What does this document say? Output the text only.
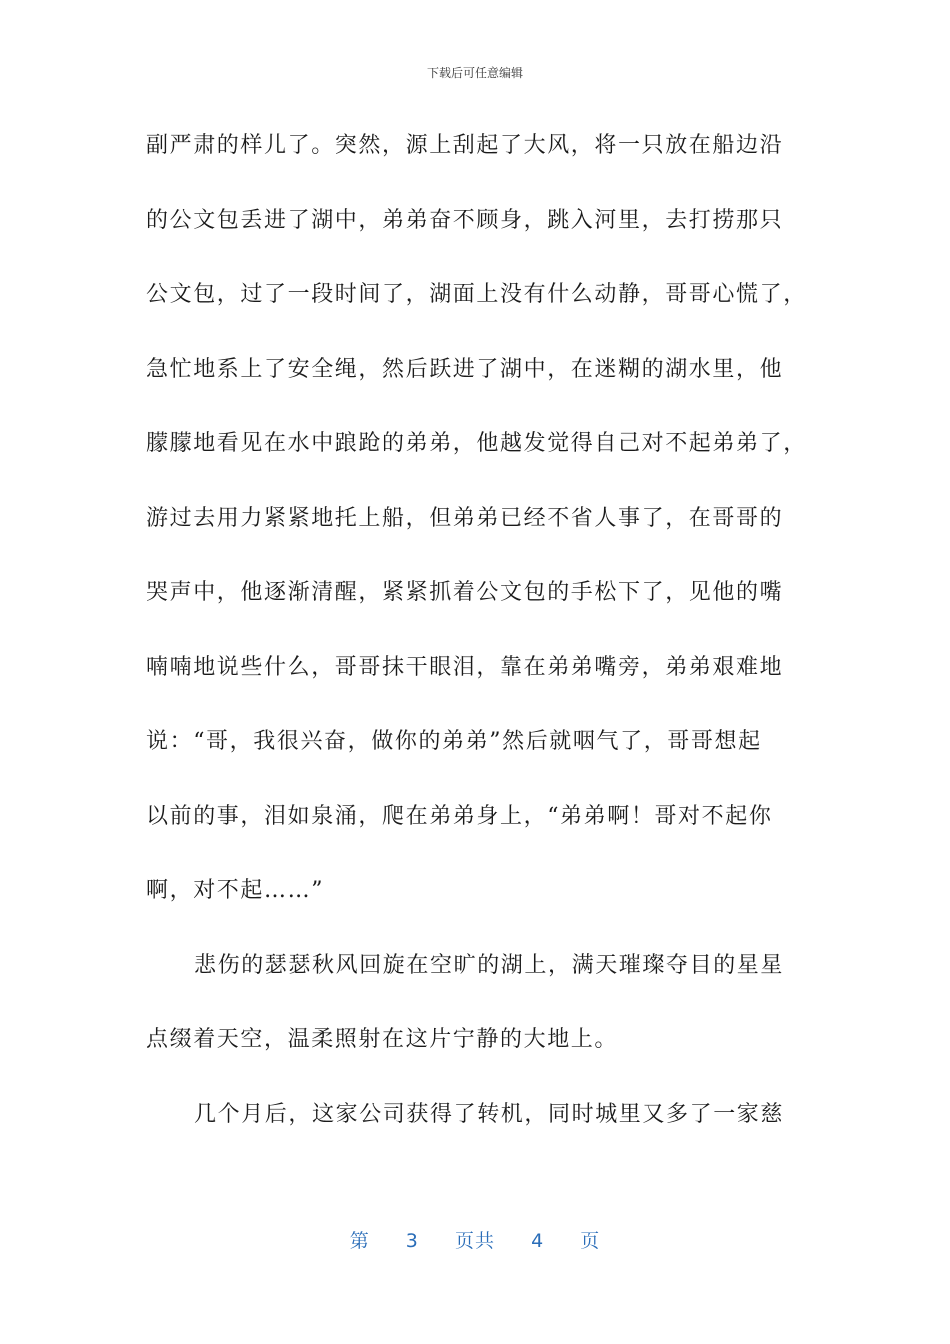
下载后可任意编辑
副严肃的样儿了。突然，源上刮起了大风，将一只放在船边沿
的公文包丢进了湖中，弟弟奋不顾身，跳入河里，去打捞那只
公文包，过了一段时间了，湖面上没有什么动静，哥哥心慌了，
急忙地系上了安全绳，然后跃进了湖中，在迷糊的湖水里，他
朦朦地看见在水中踉跄的弟弟，他越发觉得自己对不起弟弟了，
游过去用力紧紧地托上船，但弟弟已经不省人事了，在哥哥的
哭声中，他逐渐清醒，紧紧抓着公文包的手松下了，见他的嘴
喃喃地说些什么，哥哥抹干眼泪，靠在弟弟嘴旁，弟弟艰难地
说：“哥，我很兴奋，做你的弟弟”然后就咽气了，哥哥想起
以前的事，泪如泉涌，爬在弟弟身上，“弟弟啊！哥对不起你
啊，对不起……”
悲伤的瑟瑟秋风回旋在空旷的湖上，满天璀璨夺目的星星
点缀着天空，温柔照射在这片宁静的大地上。
几个月后，这家公司获得了转机，同时城里又多了一家慈
第 3 页共 4 页
